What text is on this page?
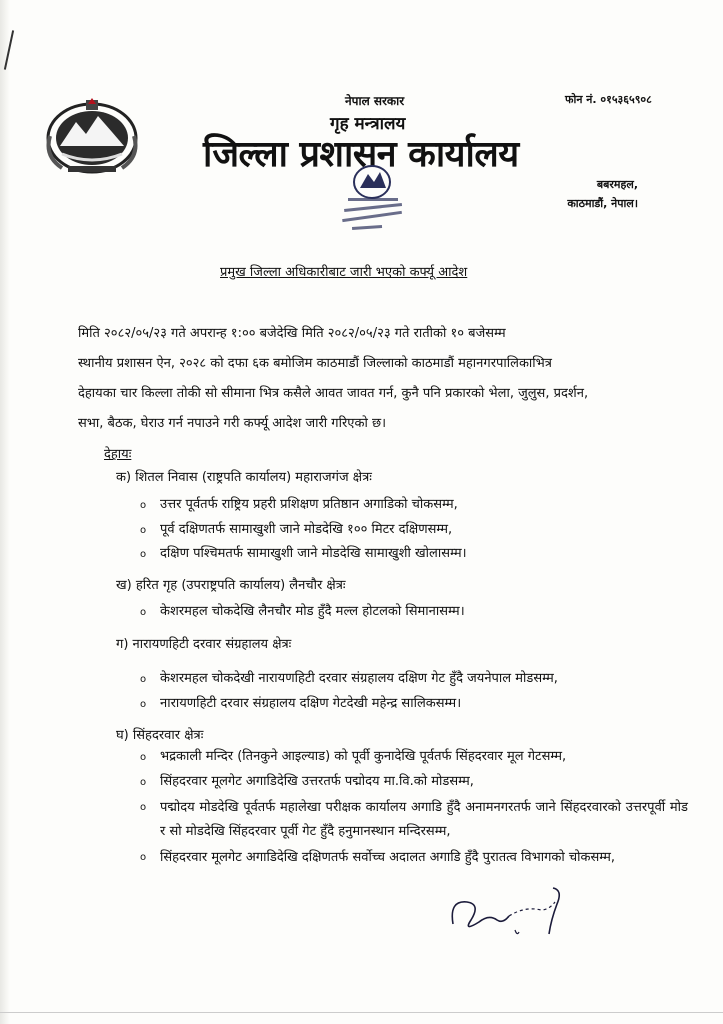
नेपाल सरकार	फोन नं. ०१५३६५९०८
गृह मन्त्रालय
जिल्ला प्रशासन कार्यालय
बबरमहल,
काठमाडौं, नेपाल।
प्रमुख जिल्ला अधिकारीबाट जारी भएको कर्फ्यू आदेश
मिति २०८२/०५/२३ गते अपरान्ह १:०० बजेदेखि मिति २०८२/०५/२३ गते रातीको १० बजेसम्म
स्थानीय प्रशासन ऐन, २०२८ को दफा ६क बमोजिम काठमाडौं जिल्लाको काठमाडौं महानगरपालिकाभित्र
देहायका चार किल्ला तोकी सो सीमाना भित्र कसैले आवत जावत गर्न, कुनै पनि प्रकारको भेला, जुलुस, प्रदर्शन,
सभा, बैठक, घेराउ गर्न नपाउने गरी कर्फ्यू आदेश जारी गरिएको छ।
देहायः
क) शितल निवास (राष्ट्रपति कार्यालय) महाराजगंज क्षेत्रः
o उत्तर पूर्वतर्फ राष्ट्रिय प्रहरी प्रशिक्षण प्रतिष्ठान अगाडिको चोकसम्म,
o पूर्व दक्षिणतर्फ सामाखुशी जाने मोडदेखि १०० मिटर दक्षिणसम्म,
o दक्षिण पश्चिमतर्फ सामाखुशी जाने मोडदेखि सामाखुशी खोलासम्म।
ख) हरित गृह (उपराष्ट्रपति कार्यालय) लैनचौर क्षेत्रः
o केशरमहल चोकदेखि लैनचौर मोड हुँदै मल्ल होटलको सिमानासम्म।
ग) नारायणहिटी दरवार संग्रहालय क्षेत्रः
o केशरमहल चोकदेखी नारायणहिटी दरवार संग्रहालय दक्षिण गेट हुँदै जयनेपाल मोडसम्म,
o नारायणहिटी दरवार संग्रहालय दक्षिण गेटदेखी महेन्द्र सालिकसम्म।
घ) सिंहदरवार क्षेत्रः
o भद्रकाली मन्दिर (तिनकुने आइल्याड) को पूर्वी कुनादेखि पूर्वतर्फ सिंहदरवार मूल गेटसम्म,
o सिंहदरवार मूलगेट अगाडिदेखि उत्तरतर्फ पद्मोदय मा.वि.को मोडसम्म,
o	पद्मोदय मोडदेखि पूर्वतर्फ महालेखा परीक्षक कार्यालय अगाडि हुँदै अनामनगरतर्फ जाने सिंहदरवारको उत्तरपूर्वी मोड र सो मोडदेखि सिंहदरवार पूर्वी गेट हुँदै हनुमानस्थान मन्दिरसम्म,
o	सिंहदरवार मूलगेट अगाडिदेखि दक्षिणतर्फ सर्वोच्च अदालत अगाडि हुँदै पुरातत्व विभागको चोकसम्म,
